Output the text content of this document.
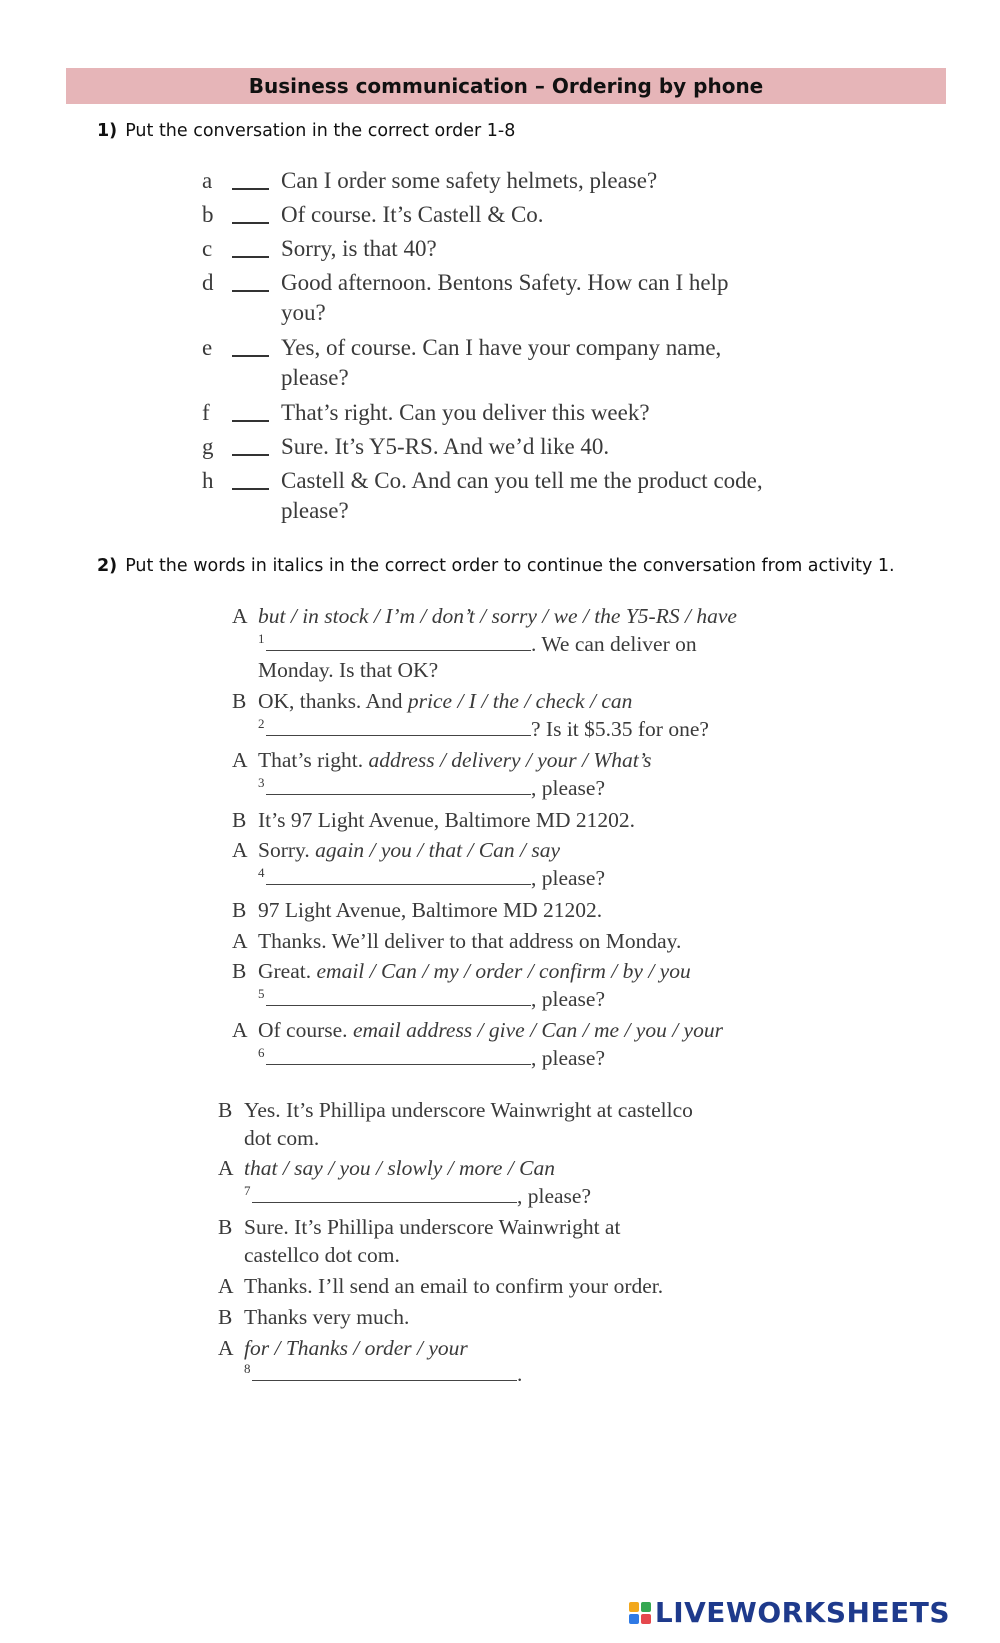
Business communication – Ordering by phone
1) Put the conversation in the correct order 1-8
a	Can I order some safety helmets, please?
b	Of course. It’s Castell & Co.
c	Sorry, is that 40?
d	Good afternoon. Bentons Safety. How can I help you?
e	Yes, of course. Can I have your company name, please?
f	That’s right. Can you deliver this week?
g	Sure. It’s Y5-RS. And we’d like 40.
h	Castell & Co. And can you tell me the product code, please?
2) Put the words in italics in the correct order to continue the conversation from activity 1.
A but / in stock / I’m / don’t / sorry / we / the Y5-RS / have
1	. We can deliver on
Monday. Is that OK?
B OK, thanks. And price / I / the / check / can
2	? Is it $5.35 for one?
A That’s right. address / delivery / your / What’s
3	, please?
B It’s 97 Light Avenue, Baltimore MD 21202.
A Sorry. again / you / that / Can / say
4	, please?
B 97 Light Avenue, Baltimore MD 21202.
A Thanks. We’ll deliver to that address on Monday.
B Great. email / Can / my / order / confirm / by / you
5	, please?
A Of course. email address / give / Can / me / you / your
6	, please?
B Yes. It’s Phillipa underscore Wainwright at castellco
dot com.
A that / say / you / slowly / more / Can
7	, please?
B Sure. It’s Phillipa underscore Wainwright at
castellco dot com.
A Thanks. I’ll send an email to confirm your order.
B Thanks very much.
A for / Thanks / order / your
8	.
LIVEWORKSHEETS
